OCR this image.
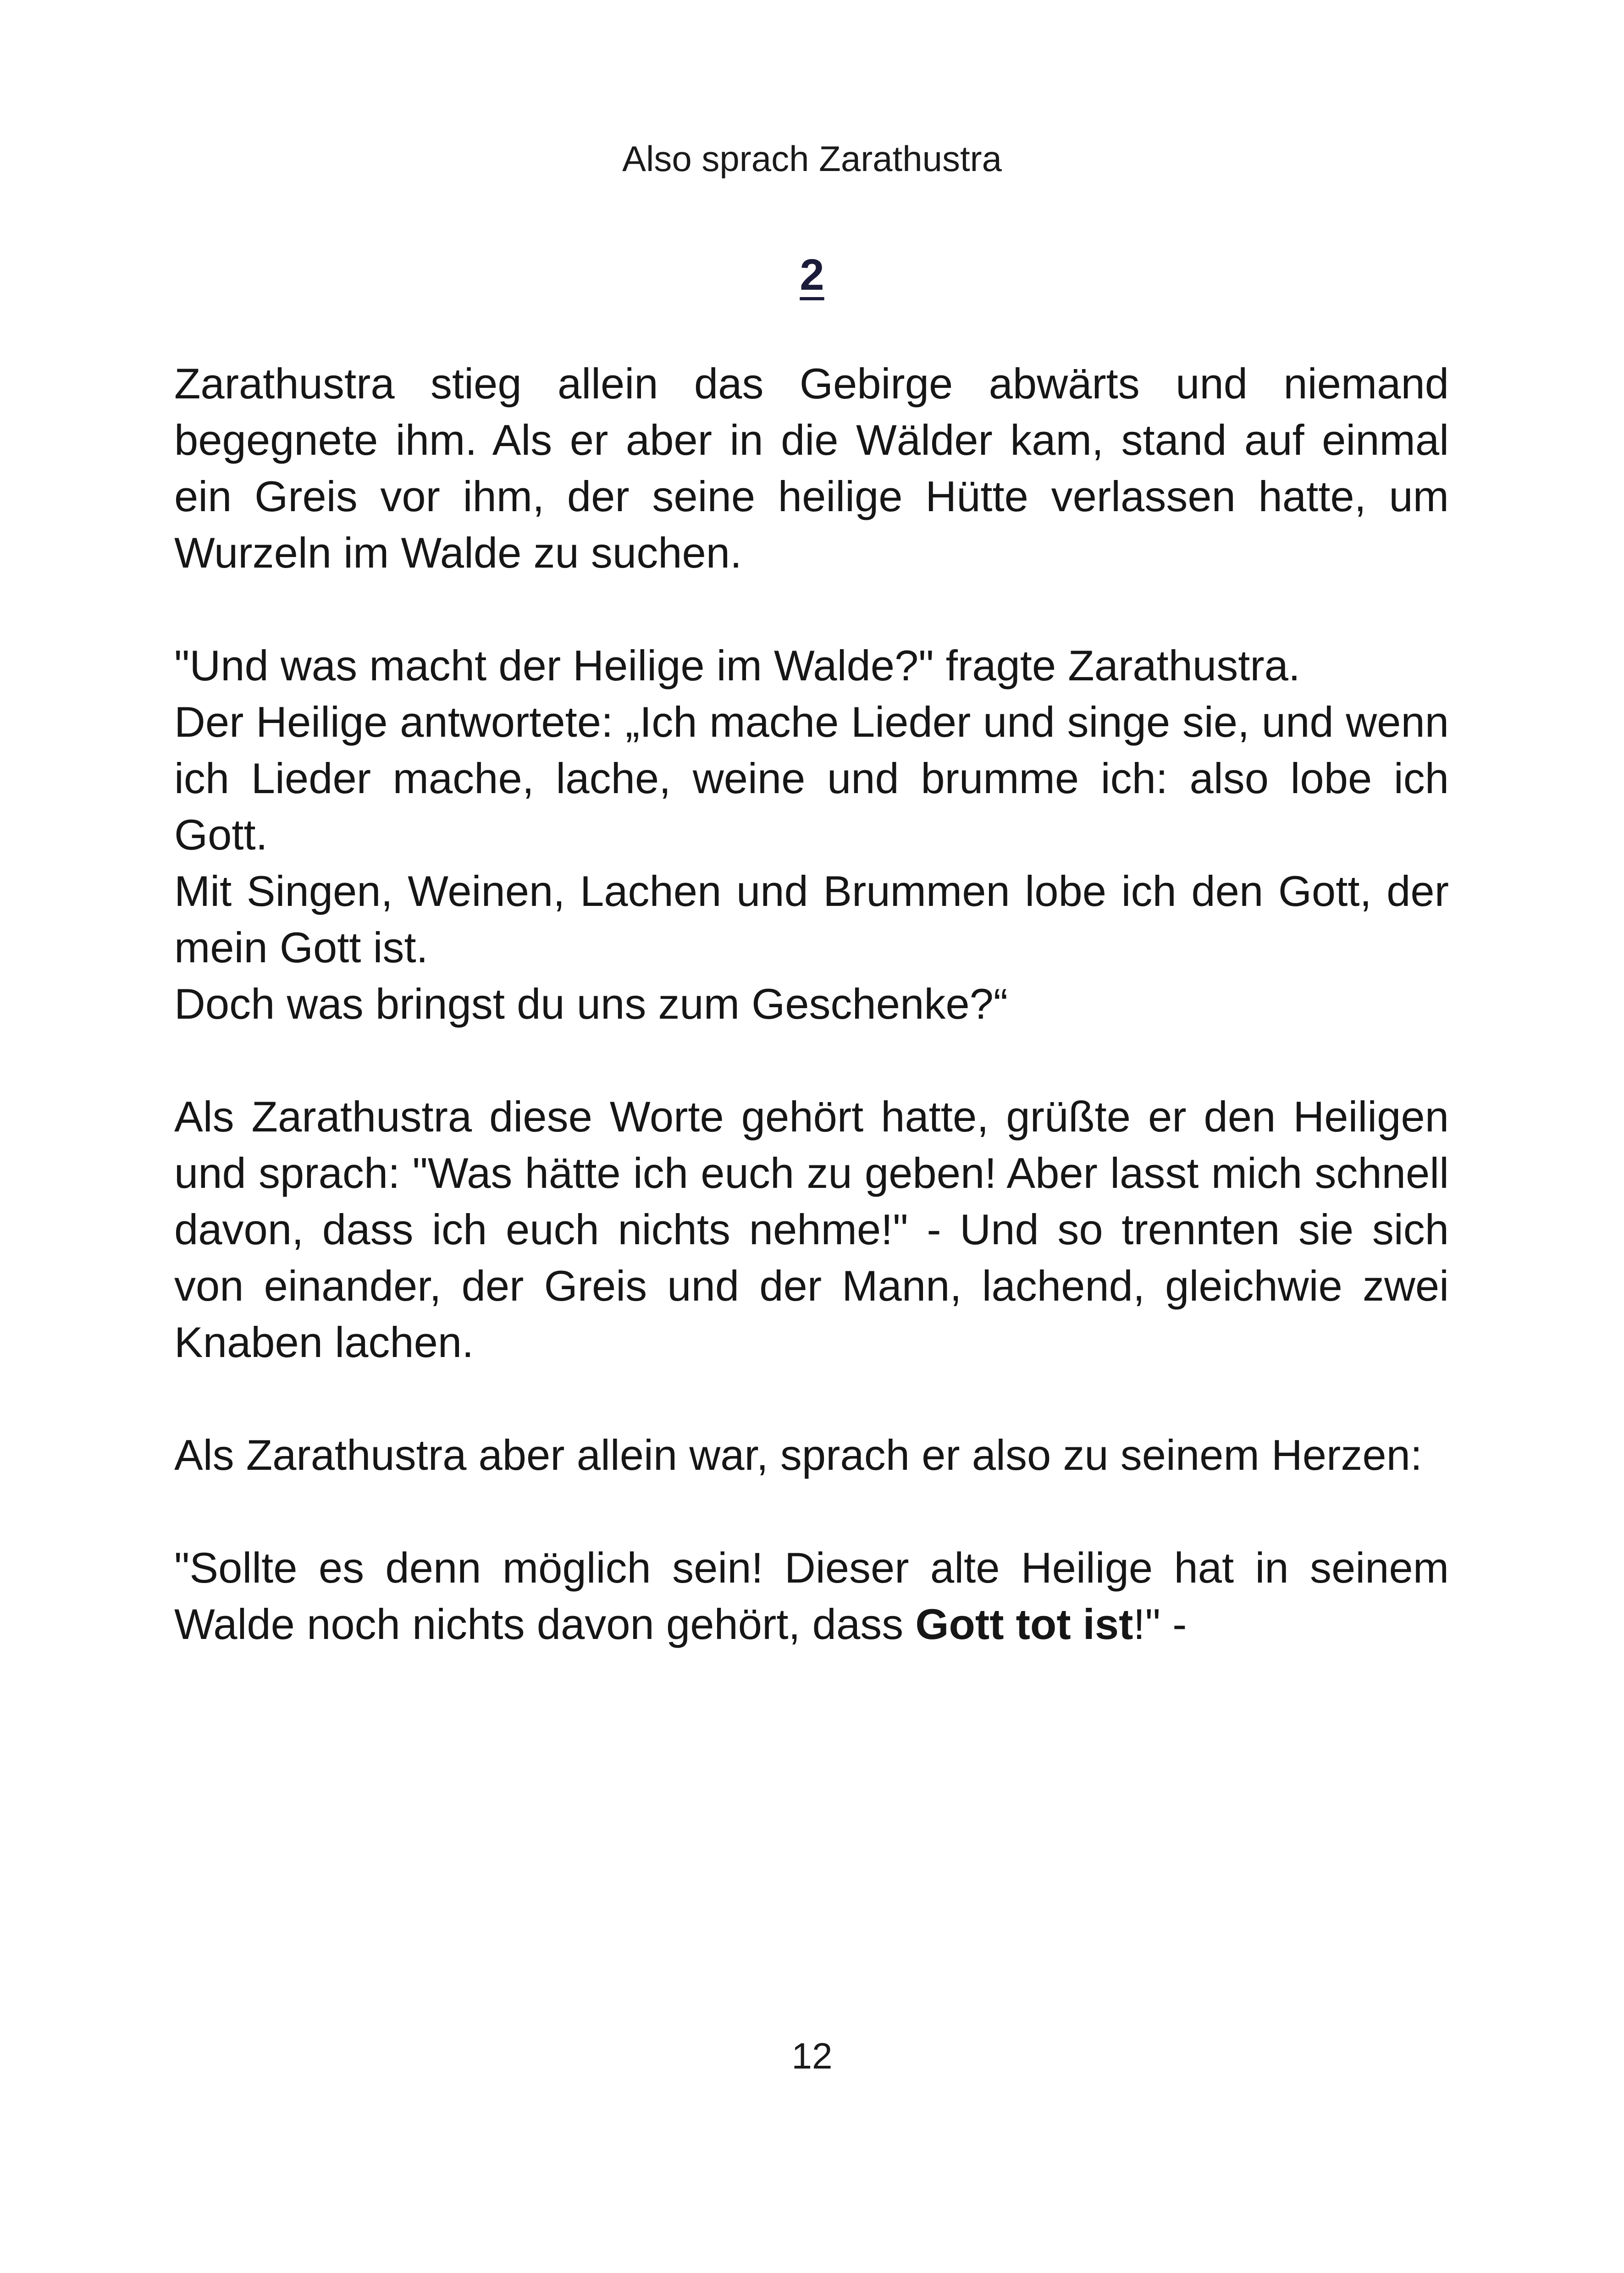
Also sprach Zarathustra
2

Zarathustra stieg allein das Gebirge abwärts und niemand begegnete ihm. Als er aber in die Wälder kam, stand auf einmal ein Greis vor ihm, der seine heilige Hütte verlassen hatte, um Wurzeln im Walde zu suchen.

"Und was macht der Heilige im Walde?" fragte Zarathustra.

Der Heilige antwortete: „Ich mache Lieder und singe sie, und wenn ich Lieder mache, lache, weine und brumme ich: also lobe ich Gott.

Mit Singen, Weinen, Lachen und Brummen lobe ich den Gott, der mein Gott ist.

Doch was bringst du uns zum Geschenke?“

Als Zarathustra diese Worte gehört hatte, grüßte er den Heiligen und sprach: "Was hätte ich euch zu geben! Aber lasst mich schnell davon, dass ich euch nichts nehme!" - Und so trennten sie sich von einander, der Greis und der Mann, lachend, gleichwie zwei Knaben lachen.

Als Zarathustra aber allein war, sprach er also zu seinem Herzen:

"Sollte es denn möglich sein! Dieser alte Heilige hat in seinem Walde noch nichts davon gehört, dass Gott tot ist!" -

12
